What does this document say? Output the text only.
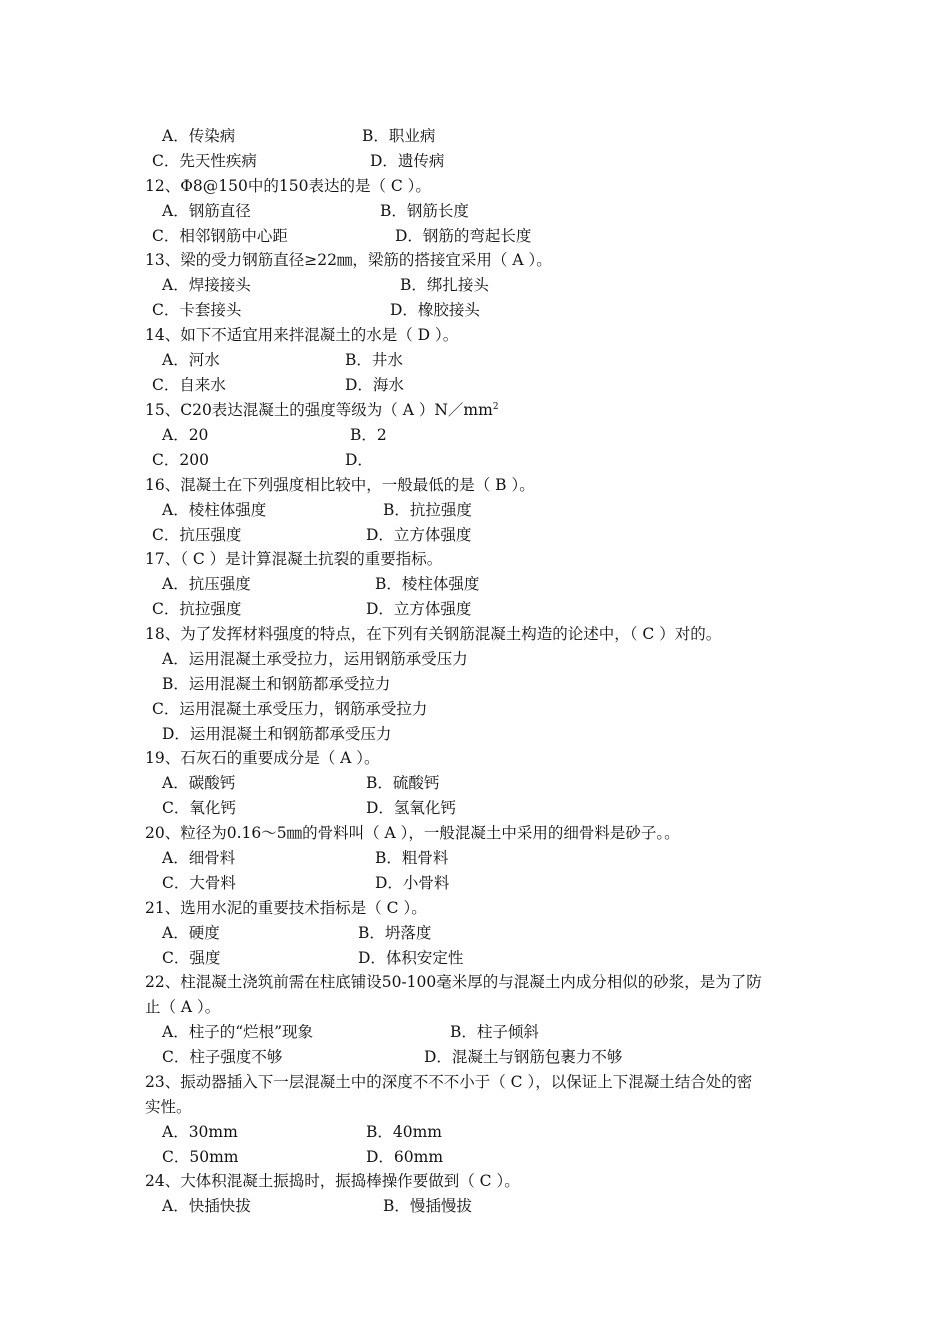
A．传染病	B．职业病
C．先天性疾病	D．遗传病
12、Φ8@150中的150表达的是（ C ）。
A．钢筋直径	B．钢筋长度
C．相邻钢筋中心距	D．钢筋的弯起长度
13、梁的受力钢筋直径≥22㎜，梁筋的搭接宜采用（ A ）。
A．焊接接头	B．绑扎接头
C．卡套接头	D．橡胶接头
14、如下不适宜用来拌混凝土的水是（ D ）。
A．河水	B．井水
C．自来水	D．海水
15、C20表达混凝土的强度等级为（ A ）$N/mm^2$
A．20	B．2
C．200	D．
16、混凝土在下列强度相比较中，一般最低的是（ B ）。
A．棱柱体强度	B．抗拉强度
C．抗压强度	D．立方体强度
17、（ C ）是计算混凝土抗裂的重要指标。
A．抗压强度	B．棱柱体强度
C．抗拉强度	D．立方体强度
18、为了发挥材料强度的特点，在下列有关钢筋混凝土构造的论述中，（ C ）对的。
A．运用混凝土承受拉力，运用钢筋承受压力
B．运用混凝土和钢筋都承受拉力
C．运用混凝土承受压力，钢筋承受拉力
D．运用混凝土和钢筋都承受压力
19、石灰石的重要成分是（ A ）。
A．碳酸钙	B．硫酸钙
C．氧化钙	D．氢氧化钙
20、粒径为0.16～5㎜的骨料叫（ A ），一般混凝土中采用的细骨料是砂子。。
A．细骨料	B．粗骨料
C．大骨料	D．小骨料
21、选用水泥的重要技术指标是（ C ）。
A．硬度	B．坍落度
C．强度	D．体积安定性
22、柱混凝土浇筑前需在柱底铺设50-100毫米厚的与混凝土内成分相似的砂浆，是为了防
止（ A ）。
A．柱子的“烂根”现象	B．柱子倾斜
C．柱子强度不够	D．混凝土与钢筋包裹力不够
23、振动器插入下一层混凝土中的深度不不不小于（ C ），以保证上下混凝土结合处的密
实性。
A．30mm	B．40mm
C．50mm	D．60mm
24、大体积混凝土振捣时，振捣棒操作要做到（ C ）。
A．快插快拔	B．慢插慢拔
